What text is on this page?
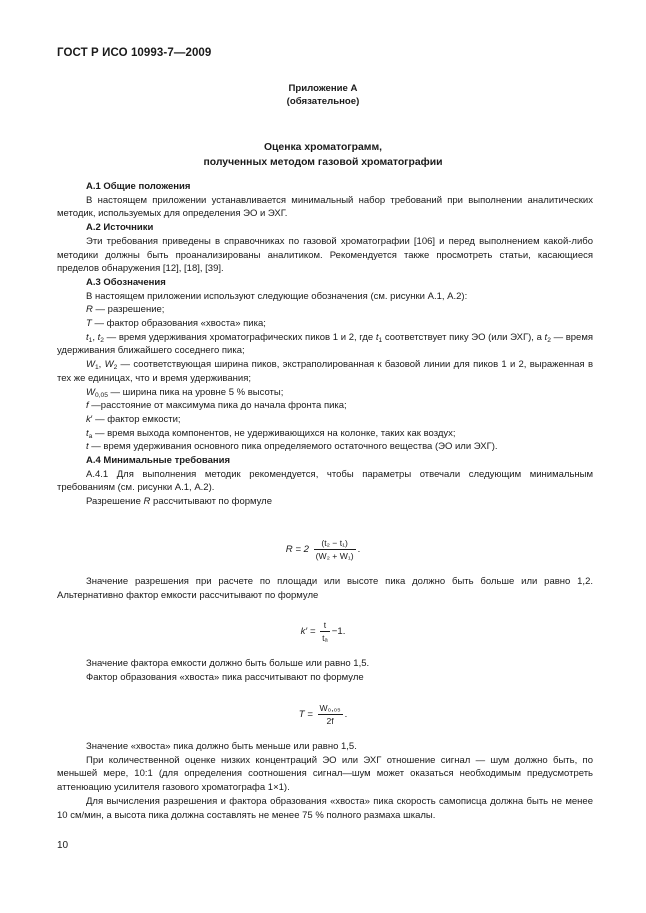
ГОСТ Р ИСО 10993-7—2009
Приложение А
(обязательное)
Оценка хроматограмм,
полученных методом газовой хроматографии

А.1 Общие положения

В настоящем приложении устанавливается минимальный набор требований при выполнении аналитических методик, используемых для определения ЭО и ЭХГ.

А.2 Источники

Эти требования приведены в справочниках по газовой хроматографии [106] и перед выполнением какой-либо методики должны быть проанализированы аналитиком. Рекомендуется также просмотреть статьи, касающиеся пределов обнаружения [12], [18], [39].

А.3 Обозначения

В настоящем приложении используют следующие обозначения (см. рисунки А.1, А.2):

R — разрешение;

T — фактор образования «хвоста» пика;

$t_1$, $t_2$ — время удерживания хроматографических пиков 1 и 2, где $t_1$ соответствует пику ЭО (или ЭХГ), а $t_2$ — время удерживания ближайшего соседнего пика;

$W_1$, $W_2$ — соответствующая ширина пиков, экстраполированная к базовой линии для пиков 1 и 2, выраженная в тех же единицах, что и время удерживания;

$W_{0,05}$ — ширина пика на уровне 5 % высоты;

f —расстояние от максимума пика до начала фронта пика;

k′ — фактор емкости;

$t_a$ — время выхода компонентов, не удерживающихся на колонке, таких как воздух;

t — время удерживания основного пика определяемого остаточного вещества (ЭО или ЭХГ).

А.4 Минимальные требования

А.4.1 Для выполнения методик рекомендуется, чтобы параметры отвечали следующим минимальным требованиям (см. рисунки А.1, А.2).

Разрешение R рассчитывают по формуле

$R = 2 \frac{\text{(t₂ − t₁)}}{\text{(W₂ + W₁)}}$ .

Значение разрешения при расчете по площади или высоте пика должно быть больше или равно 1,2. Альтернативно фактор емкости рассчитывают по формуле

$k' = \frac{t}{\text{tₐ}} -1$.

Значение фактора емкости должно быть больше или равно 1,5.

Фактор образования «хвоста» пика рассчитывают по формуле

$T = \frac{\text{W₀,₀₅}}{2f}$ .

Значение «хвоста» пика должно быть меньше или равно 1,5.

При количественной оценке низких концентраций ЭО или ЭХГ отношение сигнал — шум должно быть, по меньшей мере, 10:1 (для определения соотношения сигнал—шум может оказаться необходимым предусмотреть аттенюацию усилителя газового хроматографа 1×1).

Для вычисления разрешения и фактора образования «хвоста» пика скорость самописца должна быть не менее 10 см/мин, а высота пика должна составлять не менее 75 % полного размаха шкалы.

10
